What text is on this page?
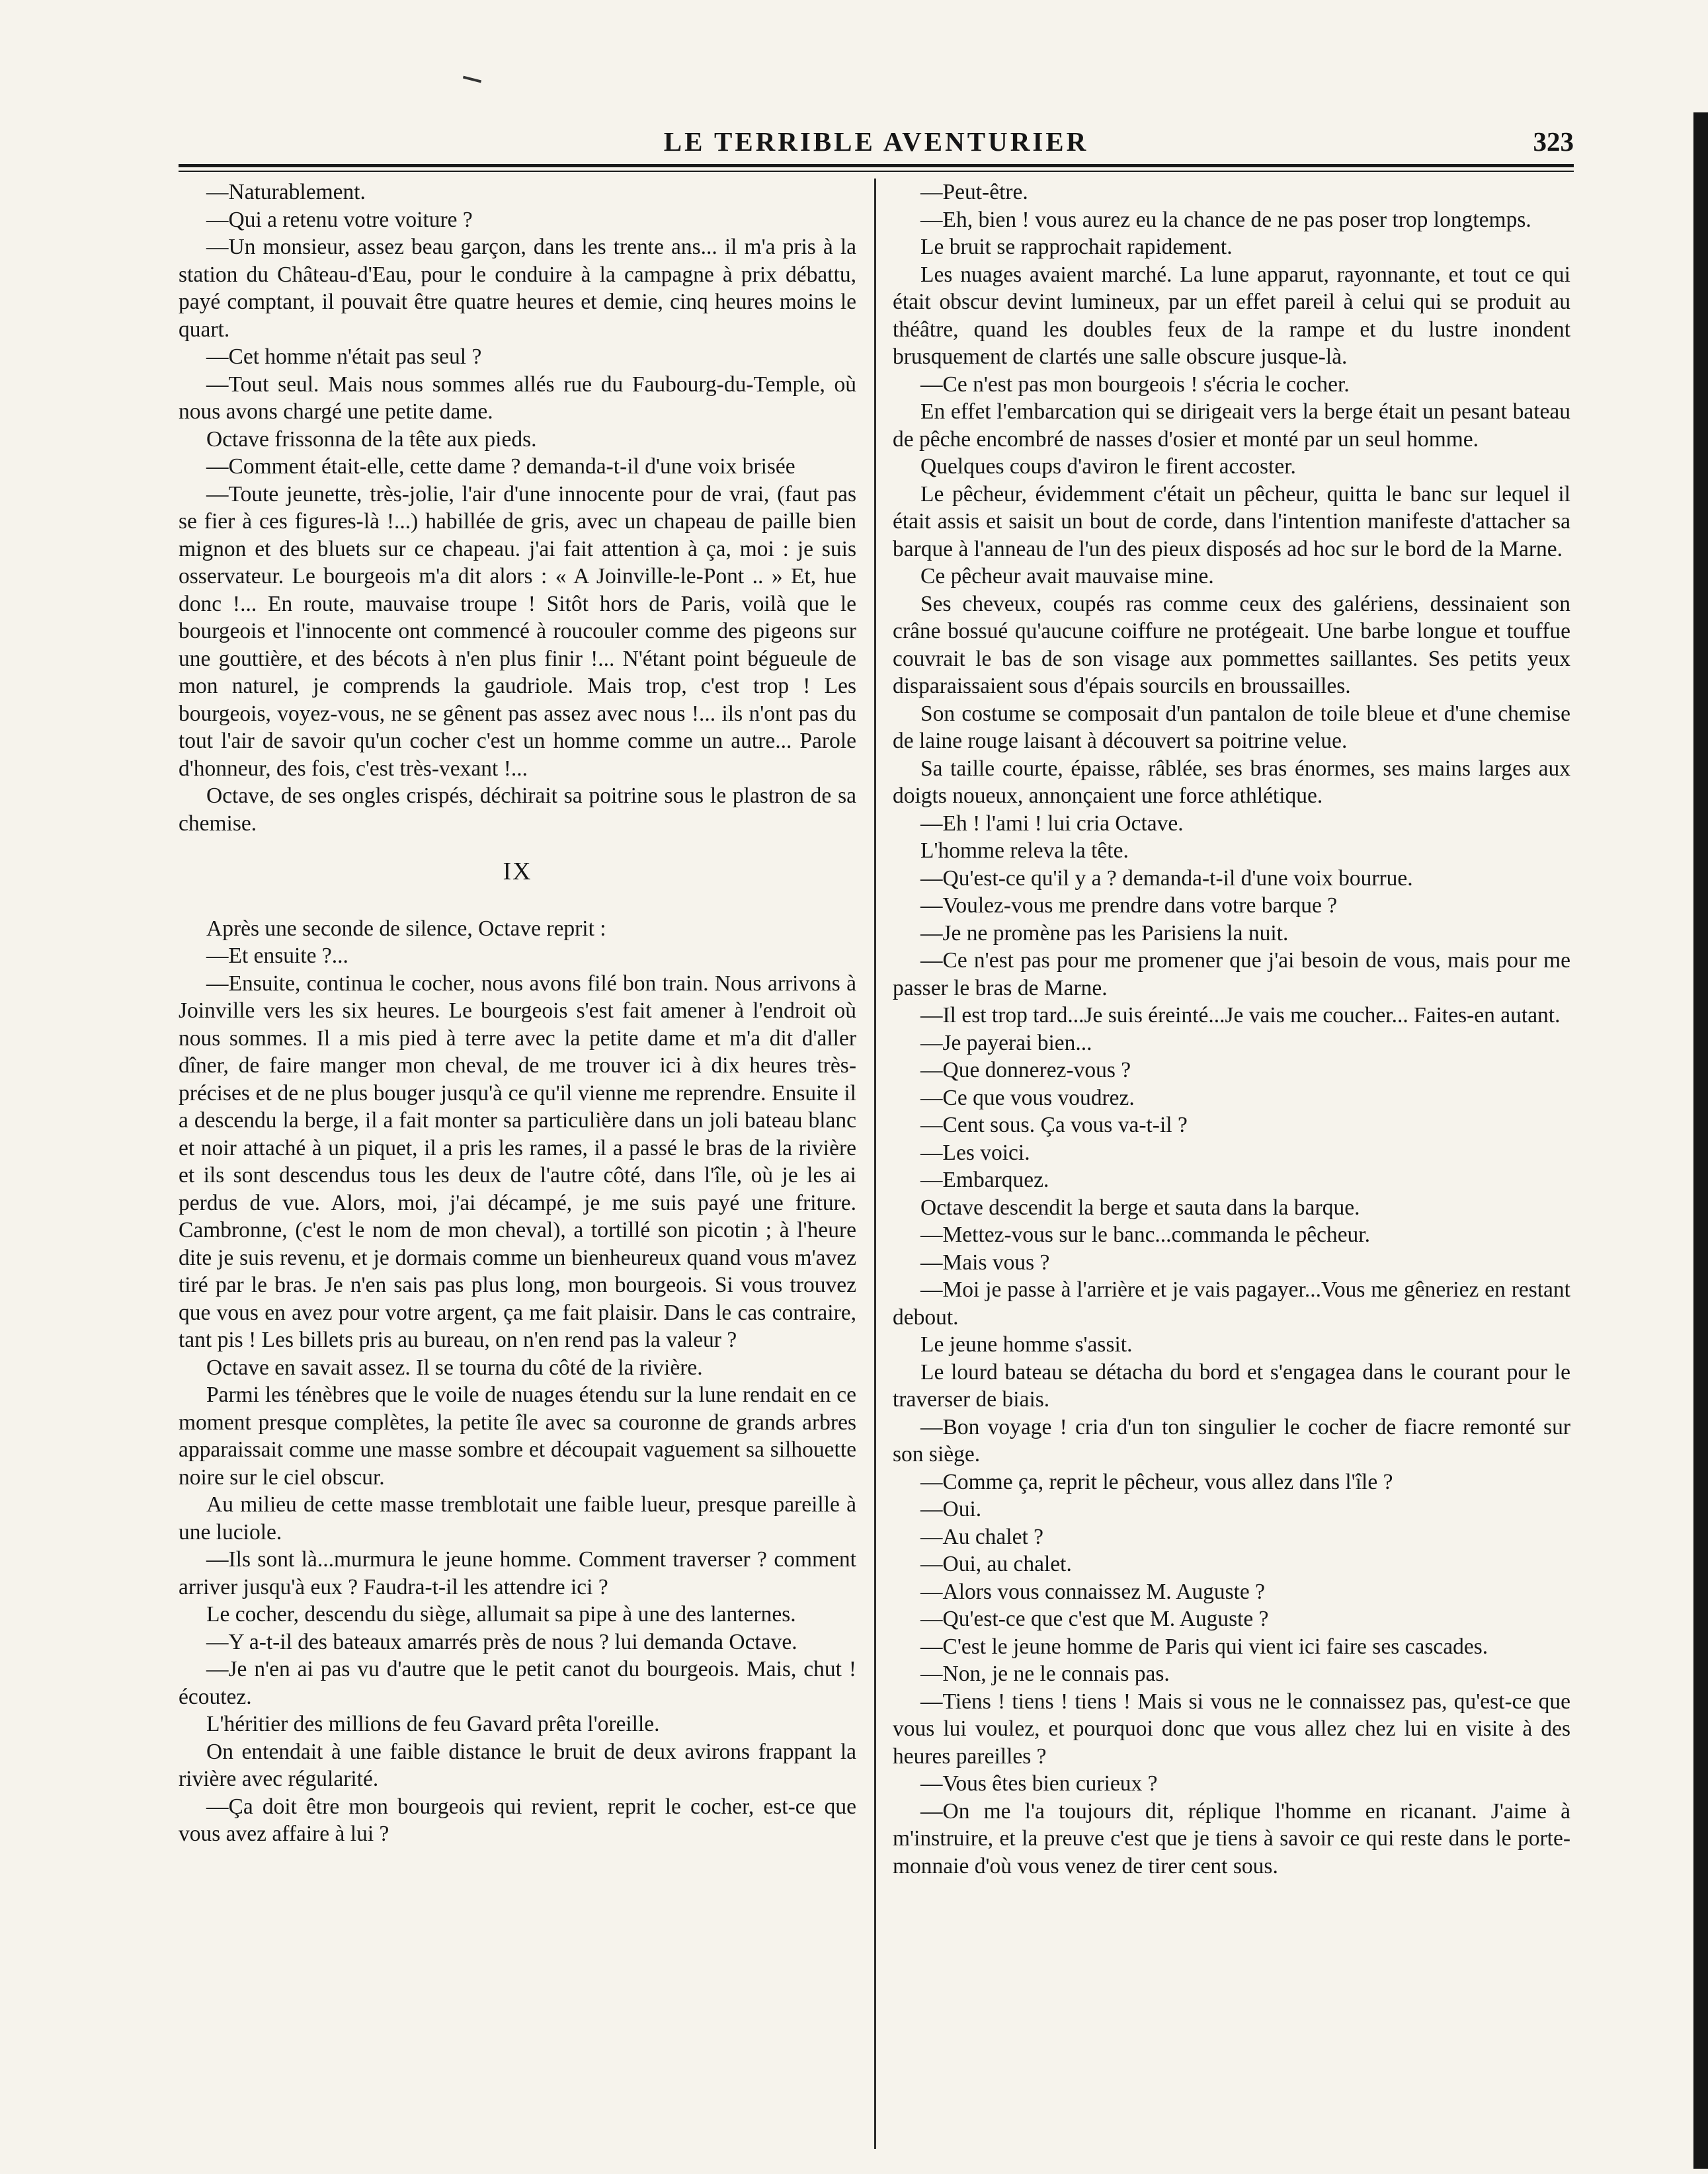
LE TERRIBLE AVENTURIER	323

—Naturablement.

—Qui a retenu votre voiture ?

—Un monsieur, assez beau garçon, dans les trente ans... il m'a pris à la station du Château-d'Eau, pour le conduire à la campagne à prix débattu, payé comptant, il pouvait être quatre heures et demie, cinq heures moins le quart.

—Cet homme n'était pas seul ?

—Tout seul. Mais nous sommes allés rue du Faubourg-du-Temple, où nous avons chargé une petite dame.

Octave frissonna de la tête aux pieds.

—Comment était-elle, cette dame ? demanda-t-il d'une voix brisée

—Toute jeunette, très-jolie, l'air d'une innocente pour de vrai, (faut pas se fier à ces figures-là !...) habillée de gris, avec un chapeau de paille bien mignon et des bluets sur ce chapeau. j'ai fait attention à ça, moi : je suis osservateur. Le bourgeois m'a dit alors : « A Joinville-le-Pont .. » Et, hue donc !... En route, mauvaise troupe ! Sitôt hors de Paris, voilà que le bourgeois et l'innocente ont commencé à roucouler comme des pigeons sur une gouttière, et des bécots à n'en plus finir !... N'étant point bégueule de mon naturel, je comprends la gaudriole. Mais trop, c'est trop ! Les bourgeois, voyez-vous, ne se gênent pas assez avec nous !... ils n'ont pas du tout l'air de savoir qu'un cocher c'est un homme comme un autre... Parole d'honneur, des fois, c'est très-vexant !...

Octave, de ses ongles crispés, déchirait sa poitrine sous le plastron de sa chemise.

IX

Après une seconde de silence, Octave reprit :

—Et ensuite ?...

—Ensuite, continua le cocher, nous avons filé bon train. Nous arrivons à Joinville vers les six heures. Le bourgeois s'est fait amener à l'endroit où nous sommes. Il a mis pied à terre avec la petite dame et m'a dit d'aller dîner, de faire manger mon cheval, de me trouver ici à dix heures très-précises et de ne plus bouger jusqu'à ce qu'il vienne me reprendre. Ensuite il a descendu la berge, il a fait monter sa particulière dans un joli bateau blanc et noir attaché à un piquet, il a pris les rames, il a passé le bras de la rivière et ils sont descendus tous les deux de l'autre côté, dans l'île, où je les ai perdus de vue. Alors, moi, j'ai décampé, je me suis payé une friture. Cambronne, (c'est le nom de mon cheval), a tortillé son picotin ; à l'heure dite je suis revenu, et je dormais comme un bienheureux quand vous m'avez tiré par le bras. Je n'en sais pas plus long, mon bourgeois. Si vous trouvez que vous en avez pour votre argent, ça me fait plaisir. Dans le cas contraire, tant pis ! Les billets pris au bureau, on n'en rend pas la valeur ?

Octave en savait assez. Il se tourna du côté de la rivière.

Parmi les ténèbres que le voile de nuages étendu sur la lune rendait en ce moment presque complètes, la petite île avec sa couronne de grands arbres apparaissait comme une masse sombre et découpait vaguement sa silhouette noire sur le ciel obscur.

Au milieu de cette masse tremblotait une faible lueur, presque pareille à une luciole.

—Ils sont là...murmura le jeune homme. Comment traverser ? comment arriver jusqu'à eux ? Faudra-t-il les attendre ici ?

Le cocher, descendu du siège, allumait sa pipe à une des lanternes.

—Y a-t-il des bateaux amarrés près de nous ? lui demanda Octave.

—Je n'en ai pas vu d'autre que le petit canot du bourgeois. Mais, chut ! écoutez.

L'héritier des millions de feu Gavard prêta l'oreille.

On entendait à une faible distance le bruit de deux avirons frappant la rivière avec régularité.

—Ça doit être mon bourgeois qui revient, reprit le cocher, est-ce que vous avez affaire à lui ?

—Peut-être.

—Eh, bien ! vous aurez eu la chance de ne pas poser trop longtemps.

Le bruit se rapprochait rapidement.

Les nuages avaient marché. La lune apparut, rayonnante, et tout ce qui était obscur devint lumineux, par un effet pareil à celui qui se produit au théâtre, quand les doubles feux de la rampe et du lustre inondent brusquement de clartés une salle obscure jusque-là.

—Ce n'est pas mon bourgeois ! s'écria le cocher.

En effet l'embarcation qui se dirigeait vers la berge était un pesant bateau de pêche encombré de nasses d'osier et monté par un seul homme.

Quelques coups d'aviron le firent accoster.

Le pêcheur, évidemment c'était un pêcheur, quitta le banc sur lequel il était assis et saisit un bout de corde, dans l'intention manifeste d'attacher sa barque à l'anneau de l'un des pieux disposés ad hoc sur le bord de la Marne.

Ce pêcheur avait mauvaise mine.

Ses cheveux, coupés ras comme ceux des galériens, dessinaient son crâne bossué qu'aucune coiffure ne protégeait. Une barbe longue et touffue couvrait le bas de son visage aux pommettes saillantes. Ses petits yeux disparaissaient sous d'épais sourcils en broussailles.

Son costume se composait d'un pantalon de toile bleue et d'une chemise de laine rouge laisant à découvert sa poitrine velue.

Sa taille courte, épaisse, râblée, ses bras énormes, ses mains larges aux doigts noueux, annonçaient une force athlétique.

—Eh ! l'ami ! lui cria Octave.

L'homme releva la tête.

—Qu'est-ce qu'il y a ? demanda-t-il d'une voix bourrue.

—Voulez-vous me prendre dans votre barque ?

—Je ne promène pas les Parisiens la nuit.

—Ce n'est pas pour me promener que j'ai besoin de vous, mais pour me passer le bras de Marne.

—Il est trop tard...Je suis éreinté...Je vais me coucher... Faites-en autant.

—Je payerai bien...

—Que donnerez-vous ?

—Ce que vous voudrez.

—Cent sous. Ça vous va-t-il ?

—Les voici.

—Embarquez.

Octave descendit la berge et sauta dans la barque.

—Mettez-vous sur le banc...commanda le pêcheur.

—Mais vous ?

—Moi je passe à l'arrière et je vais pagayer...Vous me gêneriez en restant debout.

Le jeune homme s'assit.

Le lourd bateau se détacha du bord et s'engagea dans le courant pour le traverser de biais.

—Bon voyage ! cria d'un ton singulier le cocher de fiacre remonté sur son siège.

—Comme ça, reprit le pêcheur, vous allez dans l'île ?

—Oui.

—Au chalet ?

—Oui, au chalet.

—Alors vous connaissez M. Auguste ?

—Qu'est-ce que c'est que M. Auguste ?

—C'est le jeune homme de Paris qui vient ici faire ses cascades.

—Non, je ne le connais pas.

—Tiens ! tiens ! tiens ! Mais si vous ne le connaissez pas, qu'est-ce que vous lui voulez, et pourquoi donc que vous allez chez lui en visite à des heures pareilles ?

—Vous êtes bien curieux ?

—On me l'a toujours dit, réplique l'homme en ricanant. J'aime à m'instruire, et la preuve c'est que je tiens à savoir ce qui reste dans le porte-monnaie d'où vous venez de tirer cent sous.
